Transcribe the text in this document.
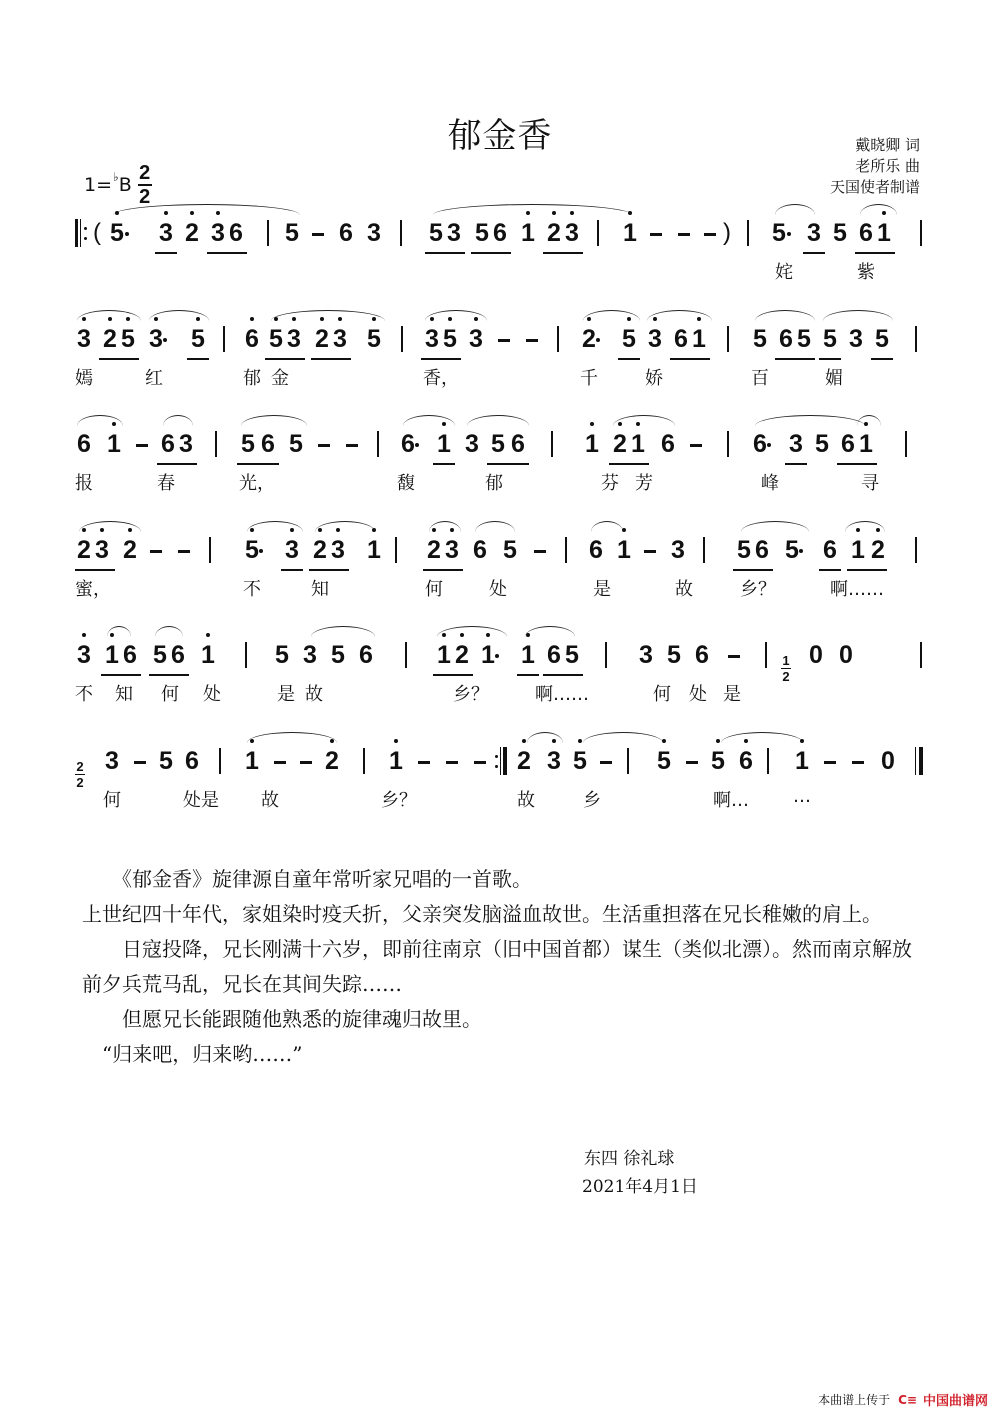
郁金香	戴晓卿 词
老所乐 曲
天国使者制谱
1= ♭ B $\frac{2}{2}$
( 5 3 2 3 6 5 6 3 5 3 5 6 1 2 3 1	) 5 3 5 6 1
姹	紫
3 2 5 3 5 6 5 3 2 3 5 3 5 3	2 5 3 6 1 5 6 5 5 3 5
嫣	红	郁 金	香，	千	娇	百	媚
6 1 6 3 5 6 5	6 1 3 5 6 1 2 1 6	6 3 5 6 1
报	春	光，	馥	郁	芬 芳	峰	寻
2 3 2	5 3 2 3 1 2 3 6 5	6 1 3 5 6 5 6 1 2
蜜，	不	知	何	处	是	故	乡？	啊……
3 1 6 5 6 1 5 3 5 6	1 2 1 1 6 5 3 5 6	$\frac{1}{2} 0$ 0
不 知 何 处	是 故	乡？	啊……	何 处 是
$\frac{2}{2} 3$ 5 6 1	2 1	2 3 5	5 5 6 1	0
何	处是 故	乡？	故	乡	啊… …

　　《郁金香》旋律源自童年常听家兄唱的一首歌。

上世纪四十年代，家姐染时疫夭折，父亲突发脑溢血故世。生活重担落在兄长稚嫩的肩上。

　　日寇投降，兄长刚满十六岁，即前往南京（旧中国首都）谋生（类似北漂）。然而南京解放前夕兵荒马乱，兄长在其间失踪……

　　但愿兄长能跟随他熟悉的旋律魂归故里。

　“归来吧，归来哟……”

东四 徐礼球
2021年4月1日
本曲谱上传于 C≡ 中国曲谱网
